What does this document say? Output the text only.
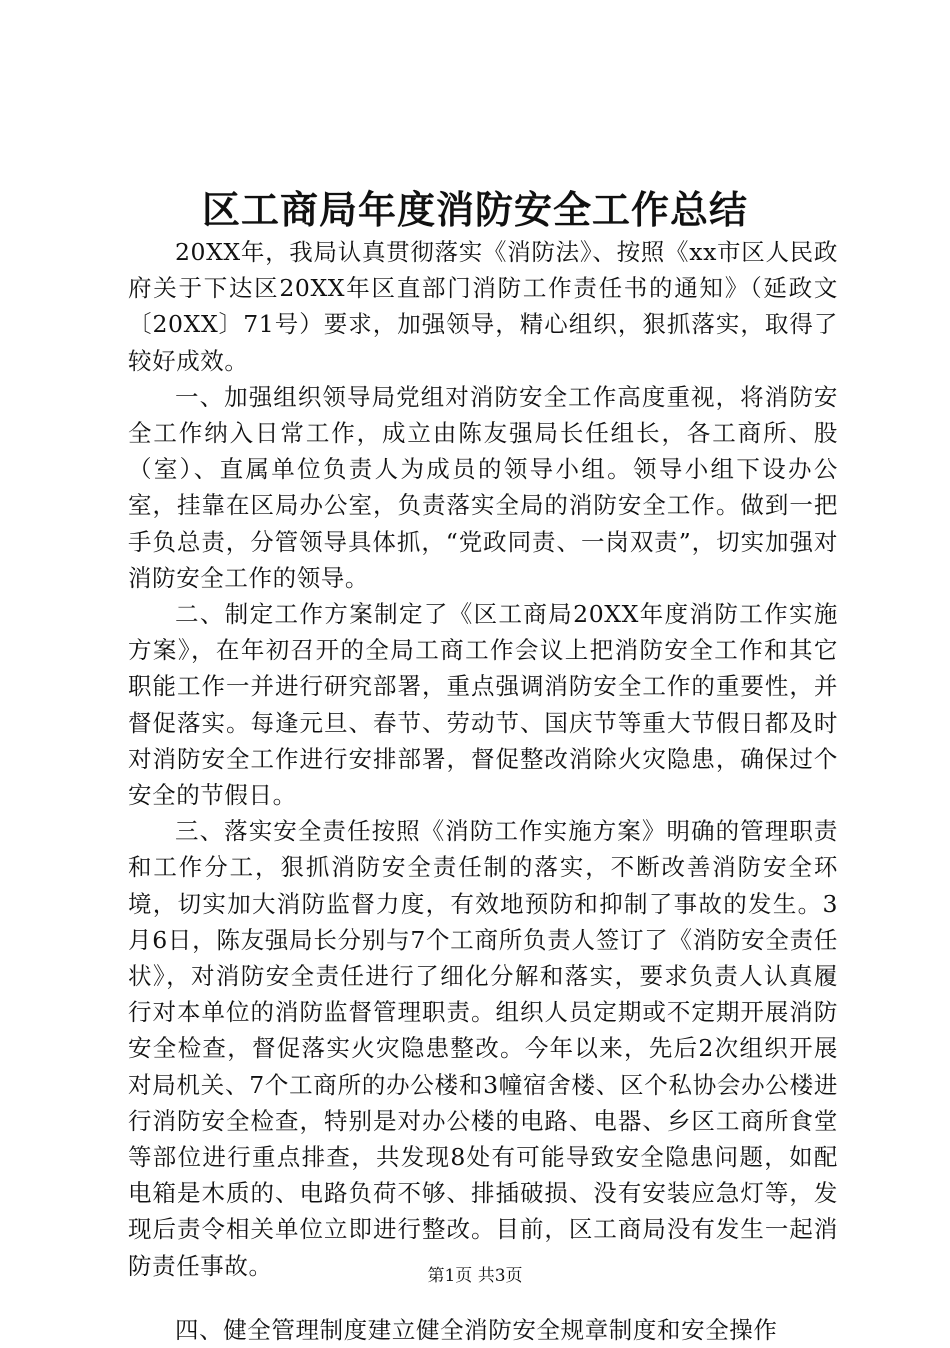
区工商局年度消防安全工作总结

20XX年，我局认真贯彻落实《消防法》、按照《xx市区人民政府关于下达区20XX年区直部门消防工作责任书的通知》（延政文〔20XX〕71号）要求，加强领导，精心组织，狠抓落实，取得了较好成效。

一、加强组织领导局党组对消防安全工作高度重视，将消防安全工作纳入日常工作，成立由陈友强局长任组长，各工商所、股（室）、直属单位负责人为成员的领导小组。领导小组下设办公室，挂靠在区局办公室，负责落实全局的消防安全工作。做到一把手负总责，分管领导具体抓，“党政同责、一岗双责”，切实加强对消防安全工作的领导。

二、制定工作方案制定了《区工商局20XX年度消防工作实施方案》，在年初召开的全局工商工作会议上把消防安全工作和其它职能工作一并进行研究部署，重点强调消防安全工作的重要性，并督促落实。每逢元旦、春节、劳动节、国庆节等重大节假日都及时对消防安全工作进行安排部署，督促整改消除火灾隐患，确保过个安全的节假日。

三、落实安全责任按照《消防工作实施方案》明确的管理职责和工作分工，狠抓消防安全责任制的落实，不断改善消防安全环境，切实加大消防监督力度，有效地预防和抑制了事故的发生。3月6日，陈友强局长分别与7个工商所负责人签订了《消防安全责任状》，对消防安全责任进行了细化分解和落实，要求负责人认真履行对本单位的消防监督管理职责。组织人员定期或不定期开展消防安全检查，督促落实火灾隐患整改。今年以来，先后2次组织开展对局机关、7个工商所的办公楼和3幢宿舍楼、区个私协会办公楼进行消防安全检查，特别是对办公楼的电路、电器、乡区工商所食堂等部位进行重点排查，共发现8处有可能导致安全隐患问题，如配电箱是木质的、电路负荷不够、排插破损、没有安装应急灯等，发现后责令相关单位立即进行整改。目前，区工商局没有发生一起消防责任事故。

四、健全管理制度建立健全消防安全规章制度和安全操作

第1页 共3页
